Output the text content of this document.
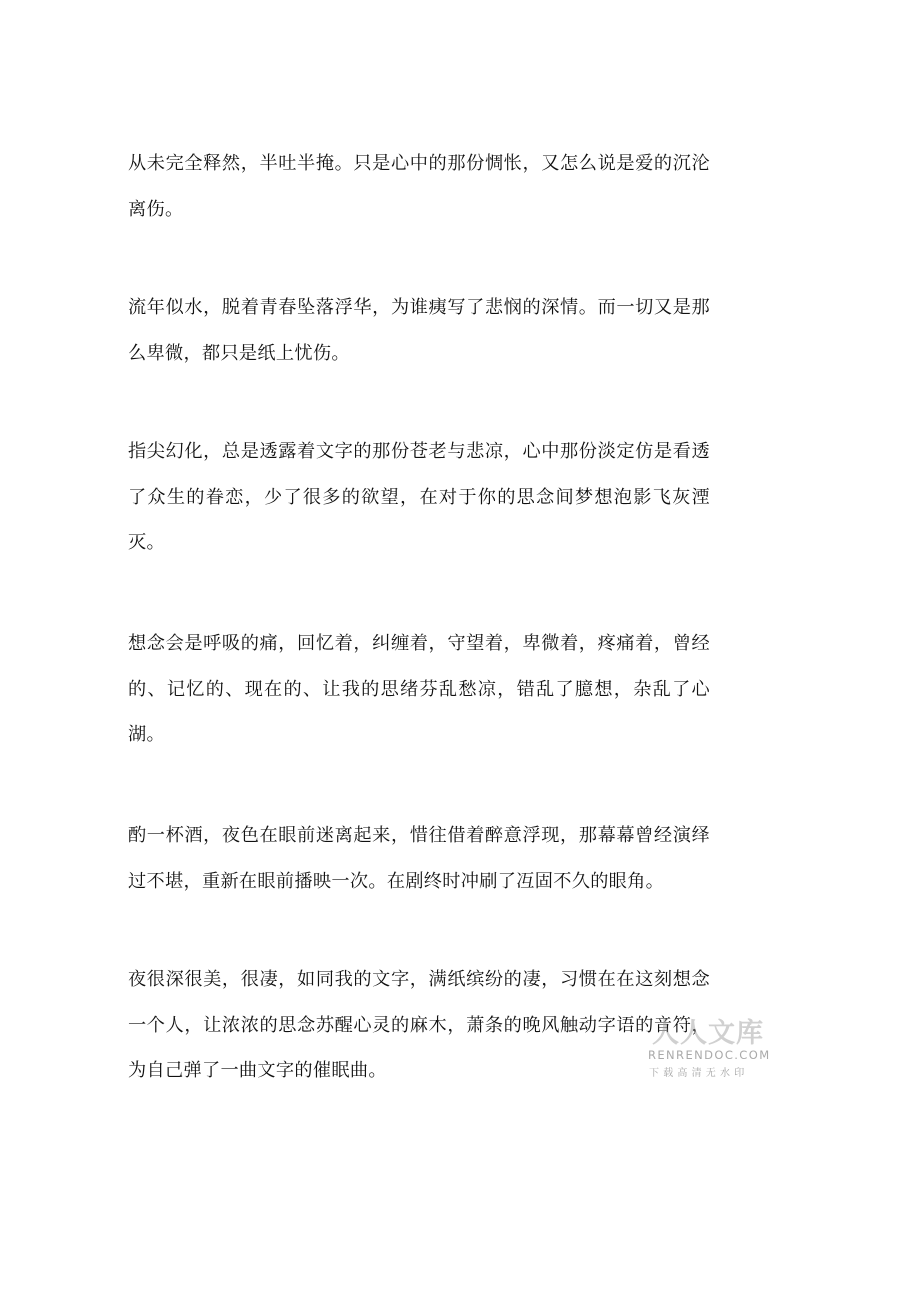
从未完全释然，半吐半掩。只是心中的那份惆怅，又怎么说是爱的沉沦离伤。

流年似水，脱着青春坠落浮华，为谁痍写了悲悯的深情。而一切又是那么卑微，都只是纸上忧伤。

指尖幻化，总是透露着文字的那份苍老与悲凉，心中那份淡定仿是看透了众生的眷恋，少了很多的欲望，在对于你的思念间梦想泡影飞灰湮灭。

想念会是呼吸的痛，回忆着，纠缠着，守望着，卑微着，疼痛着，曾经的、记忆的、现在的、让我的思绪芬乱愁凉，错乱了臆想，杂乱了心湖。

酌一杯酒，夜色在眼前迷离起来，惜往借着醉意浮现，那幕幕曾经演绎过不堪，重新在眼前播映一次。在剧终时冲刷了冱固不久的眼角。

夜很深很美，很凄，如同我的文字，满纸缤纷的凄，习惯在在这刻想念一个人，让浓浓的思念苏醒心灵的麻木，萧条的晚风触动字语的音符，为自己弹了一曲文字的催眠曲。

人人文库
RENRENDOC.COM
下载高清无水印
